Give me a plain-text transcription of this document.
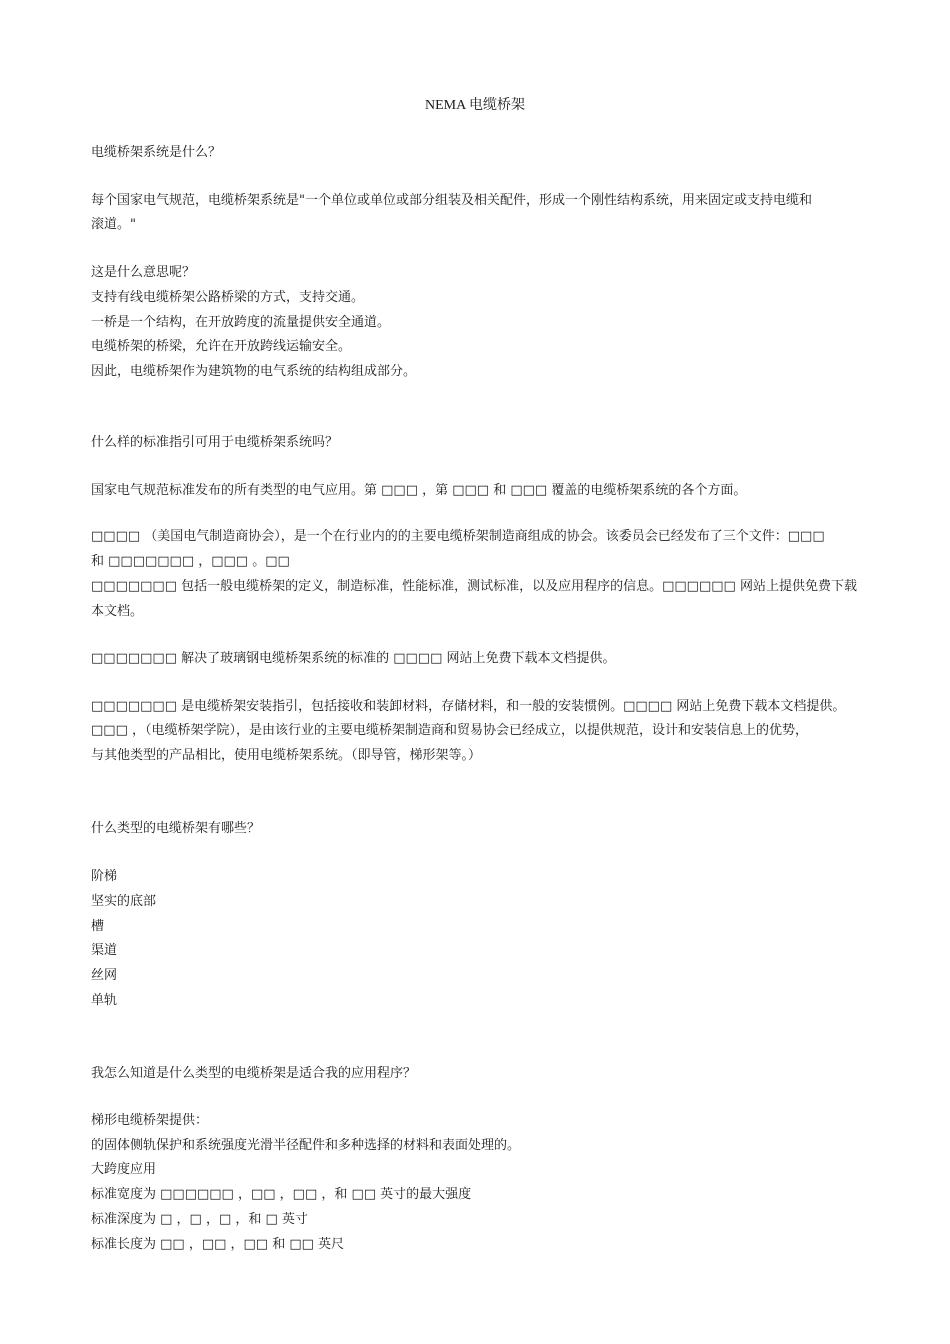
NEMA 电缆桥架
电缆桥架系统是什么？
每个国家电气规范，电缆桥架系统是"一个单位或单位或部分组装及相关配件，形成一个刚性结构系统，用来固定或支持电缆和
滚道。"
这是什么意思呢？
支持有线电缆桥架公路桥梁的方式，支持交通。
一桥是一个结构，在开放跨度的流量提供安全通道。
电缆桥架的桥梁，允许在开放跨线运输安全。
因此，电缆桥架作为建筑物的电气系统的结构组成部分。
什么样的标准指引可用于电缆桥架系统吗？
国家电气规范标准发布的所有类型的电气应用。第 □□□ ，第 □□□ 和 □□□ 覆盖的电缆桥架系统的各个方面。
□□□□ （美国电气制造商协会），是一个在行业内的的主要电缆桥架制造商组成的协会。该委员会已经发布了三个文件：□□□
和 □□□□□□□ ，□□□ 。□□
□□□□□□□ 包括一般电缆桥架的定义，制造标准，性能标准，测试标准，以及应用程序的信息。□□□□□□ 网站上提供免费下载
本文档。
□□□□□□□ 解决了玻璃钢电缆桥架系统的标准的 □□□□ 网站上免费下载本文档提供。
□□□□□□□ 是电缆桥架安装指引，包括接收和装卸材料，存储材料，和一般的安装惯例。□□□□ 网站上免费下载本文档提供。
□□□ ，（电缆桥架学院），是由该行业的主要电缆桥架制造商和贸易协会已经成立，以提供规范，设计和安装信息上的优势，
与其他类型的产品相比，使用电缆桥架系统。（即导管，梯形架等。）
什么类型的电缆桥架有哪些？
阶梯
坚实的底部
槽
渠道
丝网
单轨
我怎么知道是什么类型的电缆桥架是适合我的应用程序？
梯形电缆桥架提供：
的固体侧轨保护和系统强度光滑半径配件和多种选择的材料和表面处理的。
大跨度应用
标准宽度为 □□□□□□ ，□□ ，□□ ，和 □□ 英寸的最大强度
标准深度为 □ ，□ ，□ ，和 □ 英寸
标准长度为 □□ ，□□ ，□□ 和 □□ 英尺
